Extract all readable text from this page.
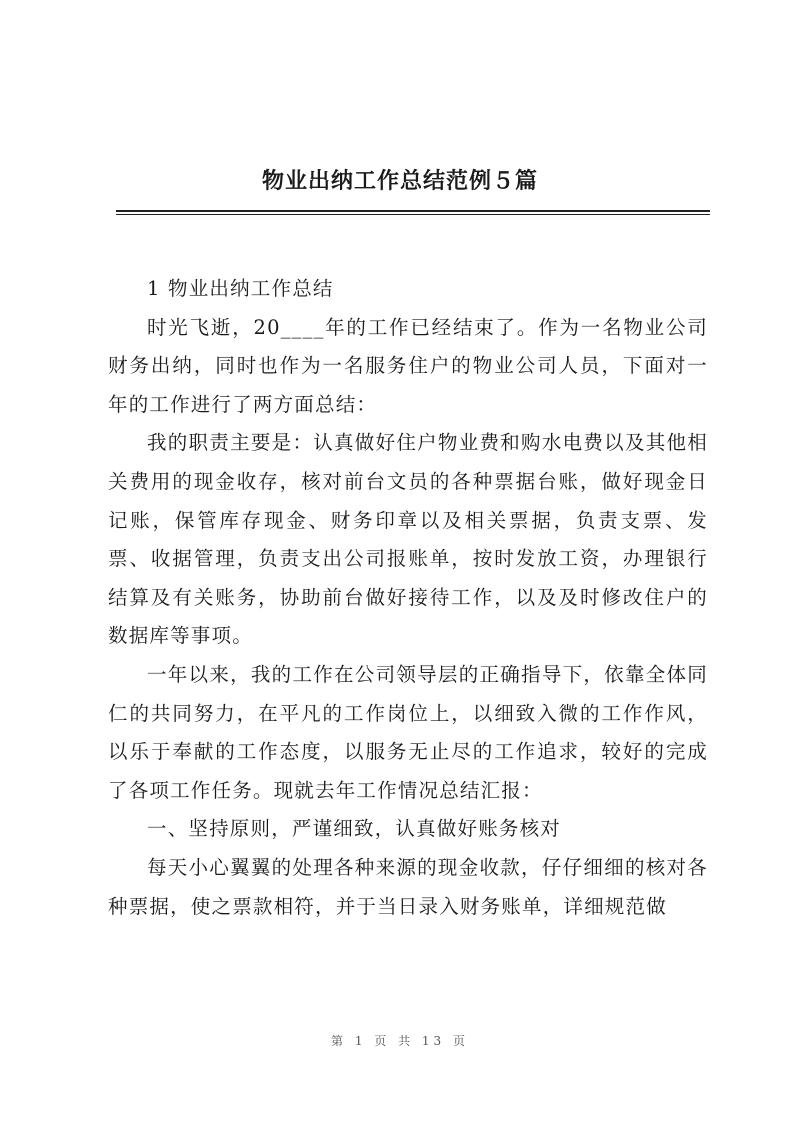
物业出纳工作总结范例５篇

1 物业出纳工作总结

时光飞逝，20____年的工作已经结束了。作为一名物业公司财务出纳，同时也作为一名服务住户的物业公司人员，下面对一年的工作进行了两方面总结：

我的职责主要是：认真做好住户物业费和购水电费以及其他相关费用的现金收存，核对前台文员的各种票据台账，做好现金日记账，保管库存现金、财务印章以及相关票据，负责支票、发票、收据管理，负责支出公司报账单，按时发放工资，办理银行结算及有关账务，协助前台做好接待工作，以及及时修改住户的数据库等事项。

一年以来，我的工作在公司领导层的正确指导下，依靠全体同仁的共同努力，在平凡的工作岗位上，以细致入微的工作作风，以乐于奉献的工作态度，以服务无止尽的工作追求，较好的完成了各项工作任务。现就去年工作情况总结汇报：

一、坚持原则，严谨细致，认真做好账务核对

每天小心翼翼的处理各种来源的现金收款，仔仔细细的核对各种票据，使之票款相符，并于当日录入财务账单，详细规范做

第 1 页 共 13 页
